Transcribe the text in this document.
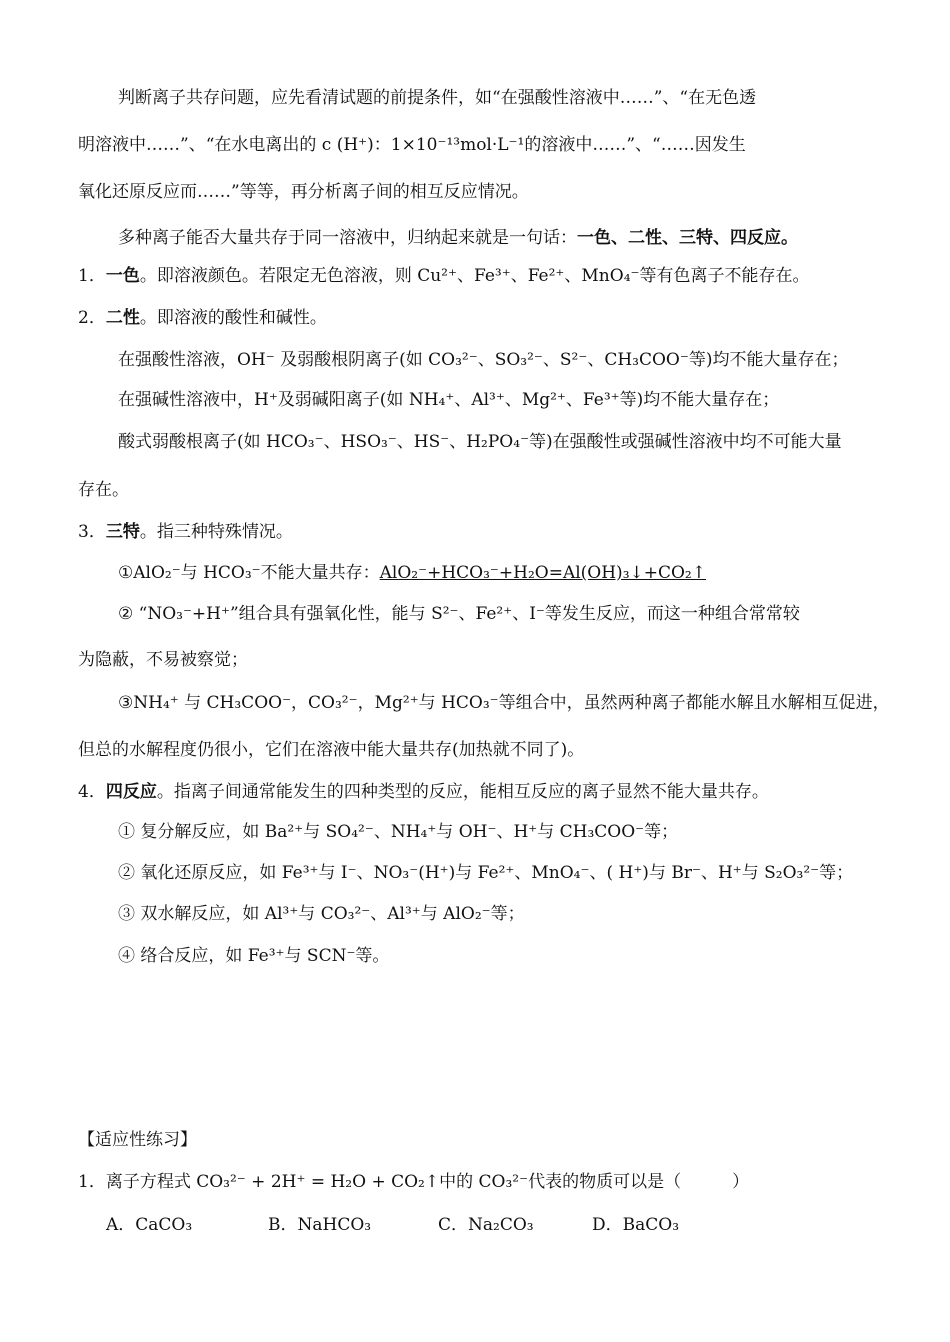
判断离子共存问题，应先看清试题的前提条件，如“在强酸性溶液中……”、“在无色透
明溶液中……”、“在水电离出的 c (H⁺)：1×10⁻¹³mol·L⁻¹的溶液中……”、“……因发生
氧化还原反应而……”等等，再分析离子间的相互反应情况。
多种离子能否大量共存于同一溶液中，归纳起来就是一句话：一色、二性、三特、四反应。
1．一色。即溶液颜色。若限定无色溶液，则 Cu²⁺、Fe³⁺、Fe²⁺、MnO₄⁻等有色离子不能存在。
2．二性。即溶液的酸性和碱性。
在强酸性溶液，OH⁻ 及弱酸根阴离子(如 CO₃²⁻、SO₃²⁻、S²⁻、CH₃COO⁻等)均不能大量存在；
在强碱性溶液中，H⁺及弱碱阳离子(如 NH₄⁺、Al³⁺、Mg²⁺、Fe³⁺等)均不能大量存在；
酸式弱酸根离子(如 HCO₃⁻、HSO₃⁻、HS⁻、H₂PO₄⁻等)在强酸性或强碱性溶液中均不可能大量
存在。
3．三特。指三种特殊情况。
①AlO₂⁻与 HCO₃⁻不能大量共存：AlO₂⁻+HCO₃⁻+H₂O=Al(OH)₃↓+CO₂↑
② “NO₃⁻+H⁺”组合具有强氧化性，能与 S²⁻、Fe²⁺、I⁻等发生反应，而这一种组合常常较
为隐蔽，不易被察觉；
③NH₄⁺ 与 CH₃COO⁻，CO₃²⁻，Mg²⁺与 HCO₃⁻等组合中，虽然两种离子都能水解且水解相互促进，
但总的水解程度仍很小，它们在溶液中能大量共存(加热就不同了)。
4．四反应。指离子间通常能发生的四种类型的反应，能相互反应的离子显然不能大量共存。
① 复分解反应，如 Ba²⁺与 SO₄²⁻、NH₄⁺与 OH⁻、H⁺与 CH₃COO⁻等；
② 氧化还原反应，如 Fe³⁺与 I⁻、NO₃⁻(H⁺)与 Fe²⁺、MnO₄⁻、( H⁺)与 Br⁻、H⁺与 S₂O₃²⁻等；
③ 双水解反应，如 Al³⁺与 CO₃²⁻、Al³⁺与 AlO₂⁻等；
④ 络合反应，如 Fe³⁺与 SCN⁻等。
【适应性练习】
1．离子方程式 CO₃²⁻ + 2H⁺ = H₂O + CO₂↑中的 CO₃²⁻代表的物质可以是（　　　）
A．CaCO₃	B．NaHCO₃	C．Na₂CO₃	D．BaCO₃
